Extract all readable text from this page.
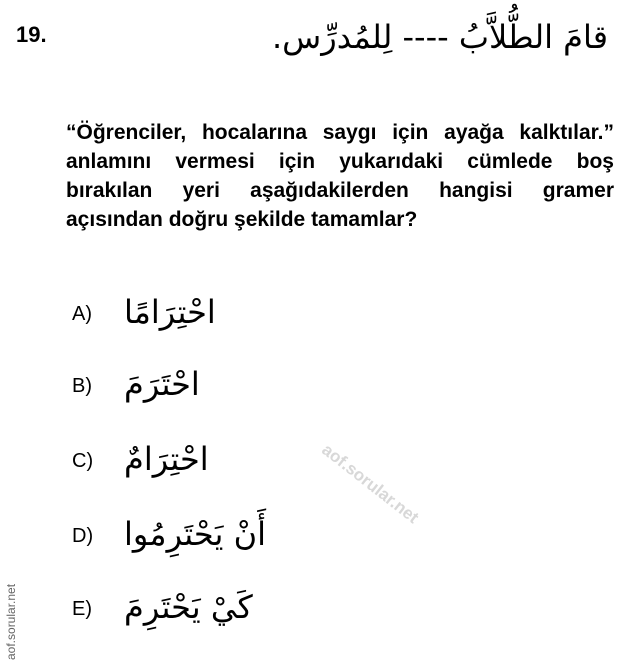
19.	قامَ الطُّلاَّبُ ---- لِلمُدرِّس.
“Öğrenciler, hocalarına saygı için ayağa kalktılar.” anlamını vermesi için yukarıdaki cümlede boş bırakılan yeri aşağıdakilerden hangisi gramer açısından doğru şekilde tamamlar?
A) احْتِرَامًا
B) احْتَرَمَ
C) احْتِرَامٌ
D) أَنْ يَحْتَرِمُوا
E) كَيْ يَحْتَرِمَ
aof.sorular.net
aof.sorular.net
